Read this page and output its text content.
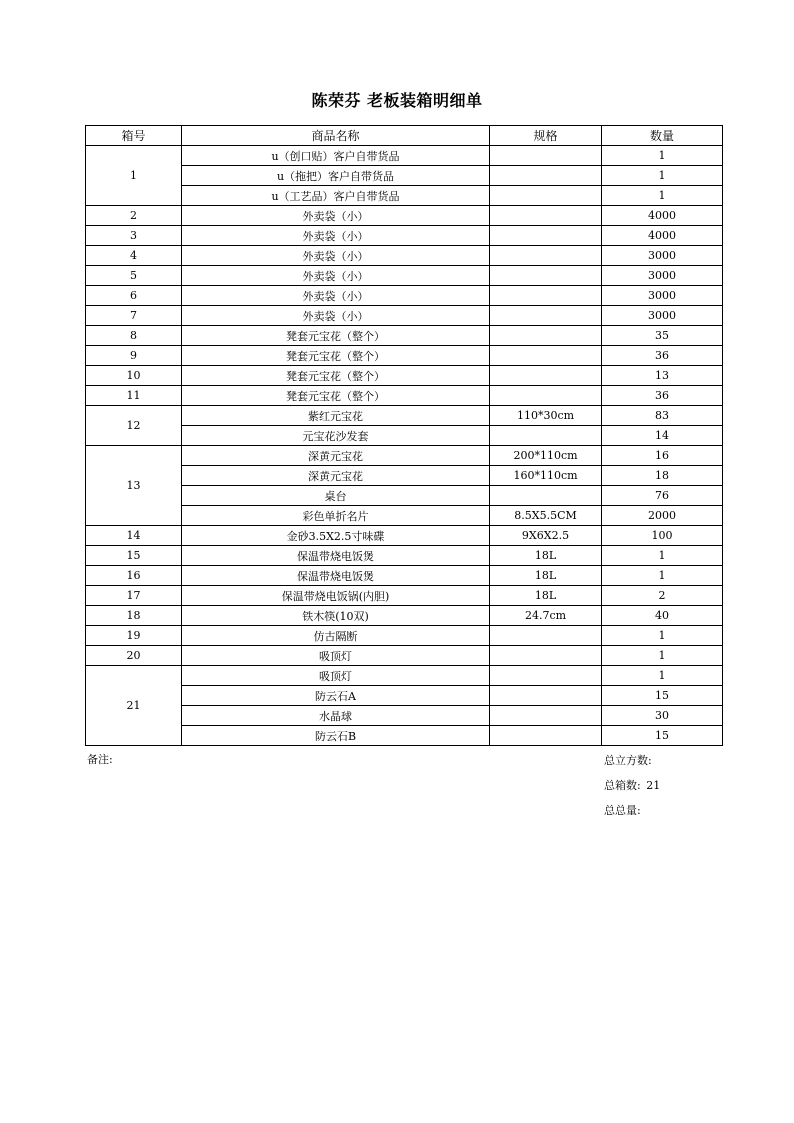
陈荣芬 老板装箱明细单
箱号	商品名称	规格	数量
1	u（创口贴）客户自带货品		1
	u（拖把）客户自带货品		1
	u（工艺品）客户自带货品		1
2	外卖袋（小）		4000
3	外卖袋（小）		4000
4	外卖袋（小）		3000
5	外卖袋（小）		3000
6	外卖袋（小）		3000
7	外卖袋（小）		3000
8	凳套元宝花（整个）		35
9	凳套元宝花（整个）		36
10	凳套元宝花（整个）		13
11	凳套元宝花（整个）		36
12	紫红元宝花	110*30cm	83
	元宝花沙发套		14
13	深黄元宝花	200*110cm	16
	深黄元宝花	160*110cm	18
	桌台		76
	彩色单折名片	8.5X5.5CM	2000
14	金砂3.5X2.5寸味碟	9X6X2.5	100
15	保温带烧电饭煲	18L	1
16	保温带烧电饭煲	18L	1
17	保温带烧电饭锅(内胆)	18L	2
18	铁木筷(10双)	24.7cm	40
19	仿古隔断		1
20	吸顶灯		1
21	吸顶灯		1
	防云石A		15
	水晶球		30
	防云石B		15
备注:	总立方数:
总箱数: 21
总总量:
